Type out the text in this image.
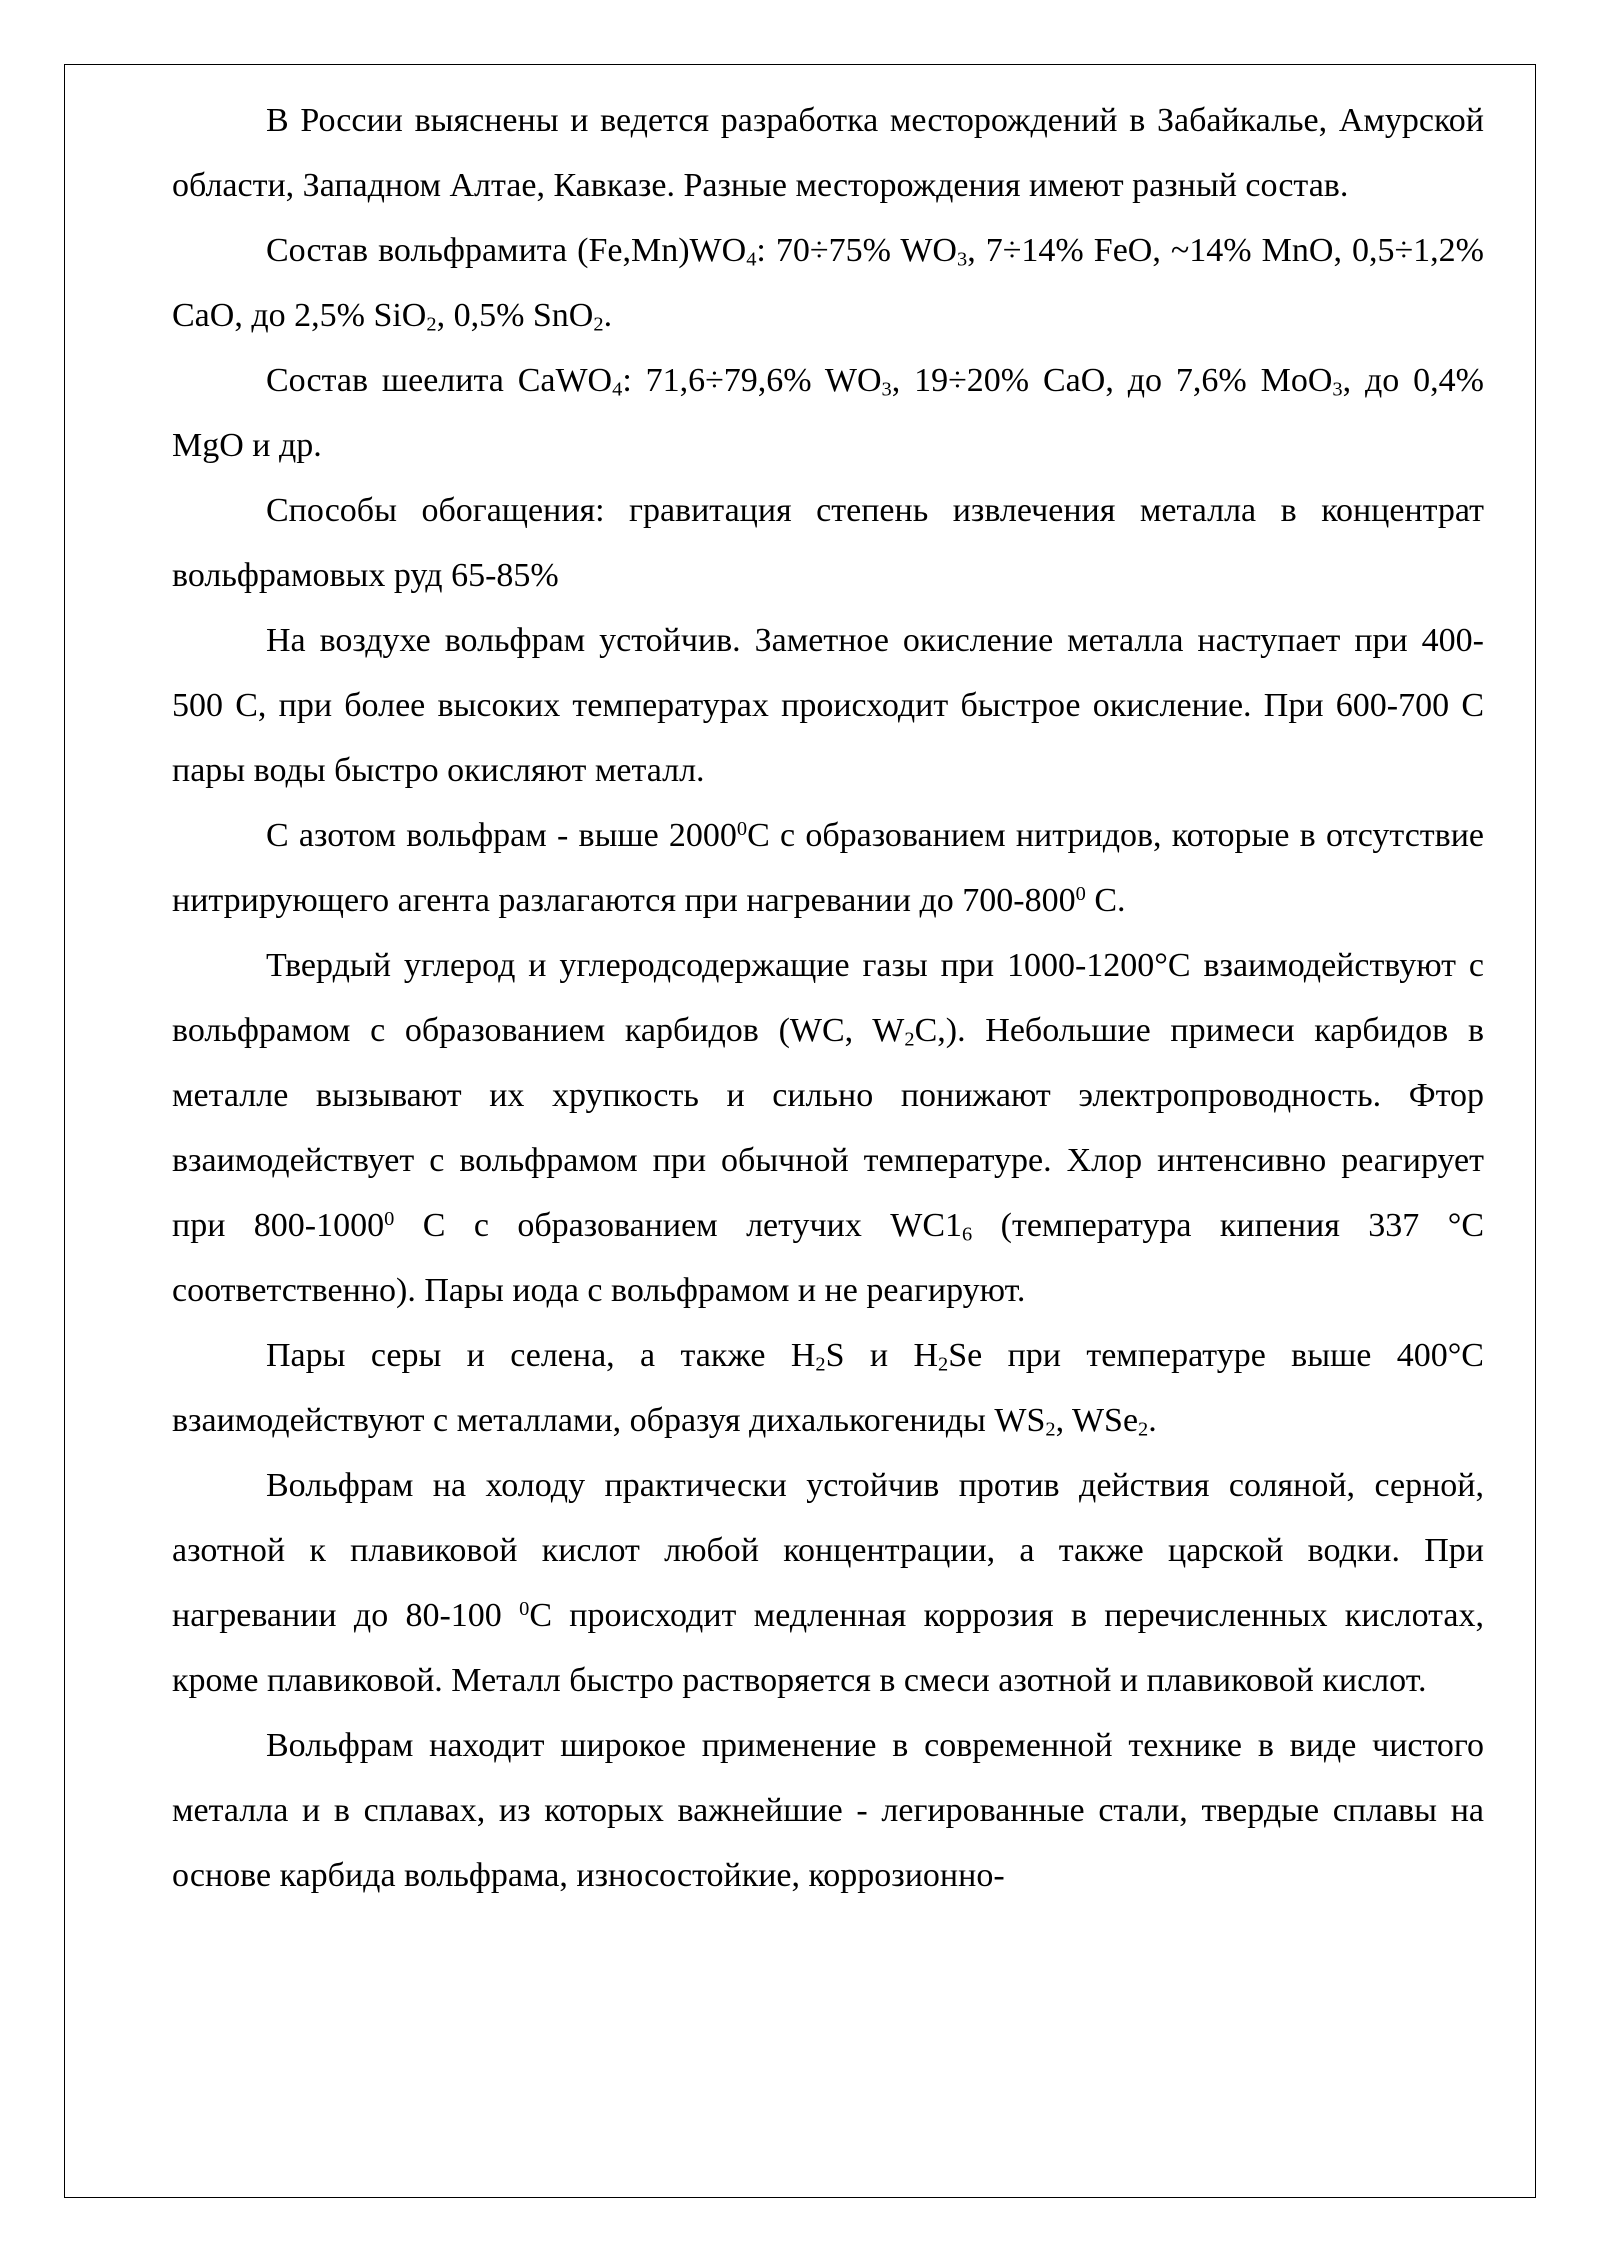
В России выяснены и ведется разработка месторождений в Забайкалье, Амурской области, Западном Алтае, Кавказе. Разные месторождения имеют разный состав.

Состав вольфрамита $(Fe,Mn)WO_4$: 70÷75% $WO_3$, 7÷14% FeO, ~14% MnO, 0,5÷1,2% CaO, до 2,5% SiO$_2$, 0,5% SnO$_2$.

Состав шеелита CaWO$_4$: 71,6÷79,6% $WO_3$, 19÷20% CaO, до 7,6% MoO$_3$, до 0,4% MgO и др.

Способы обогащения: гравитация степень извлечения металла в концентрат вольфрамовых руд 65-85%

На воздухе вольфрам устойчив. Заметное окисление металла наступает при 400-500 С, при более высоких температурах происходит быстрое окисление. При 600-700 С пары воды быстро окисляют металл.

С азотом вольфрам - выше 2000$^0$С с образованием нитридов, которые в отсутствие нитрирующего агента разлагаются при нагревании до $700-800^0$ С.

Твердый углерод и углеродсодержащие газы при 1000-1200°С взаимодействуют с вольфрамом с образованием карбидов (WC, $W_2C$,). Небольшие примеси карбидов в металле вызывают их хрупкость и сильно понижают электропроводность. Фтор взаимодействует с вольфрамом при обычной температуре. Хлор интенсивно реагирует при 800-1000$^0$ С с образованием летучих $WC1_6$ (температура кипения 337 °С соответственно). Пары иода с вольфрамом и не реагируют.

Пары серы и селена, а также $H_2S$ и $H_2Se$ при температуре выше 400°С взаимодействуют с металлами, образуя дихалькогениды $WS_2$, WSe$_2$.

Вольфрам на холоду практически устойчив против действия соляной, серной, азотной к плавиковой кислот любой концентрации, а также царской водки. При нагревании до 80-100 $^0$С происходит медленная коррозия в перечисленных кислотах, кроме плавиковой. Металл быстро растворяется в смеси азотной и плавиковой кислот.

Вольфрам находит широкое применение в современной технике в виде чистого металла и в сплавах, из которых важнейшие - легированные стали, твердые сплавы на основе карбида вольфрама, износостойкие, коррозионно-
